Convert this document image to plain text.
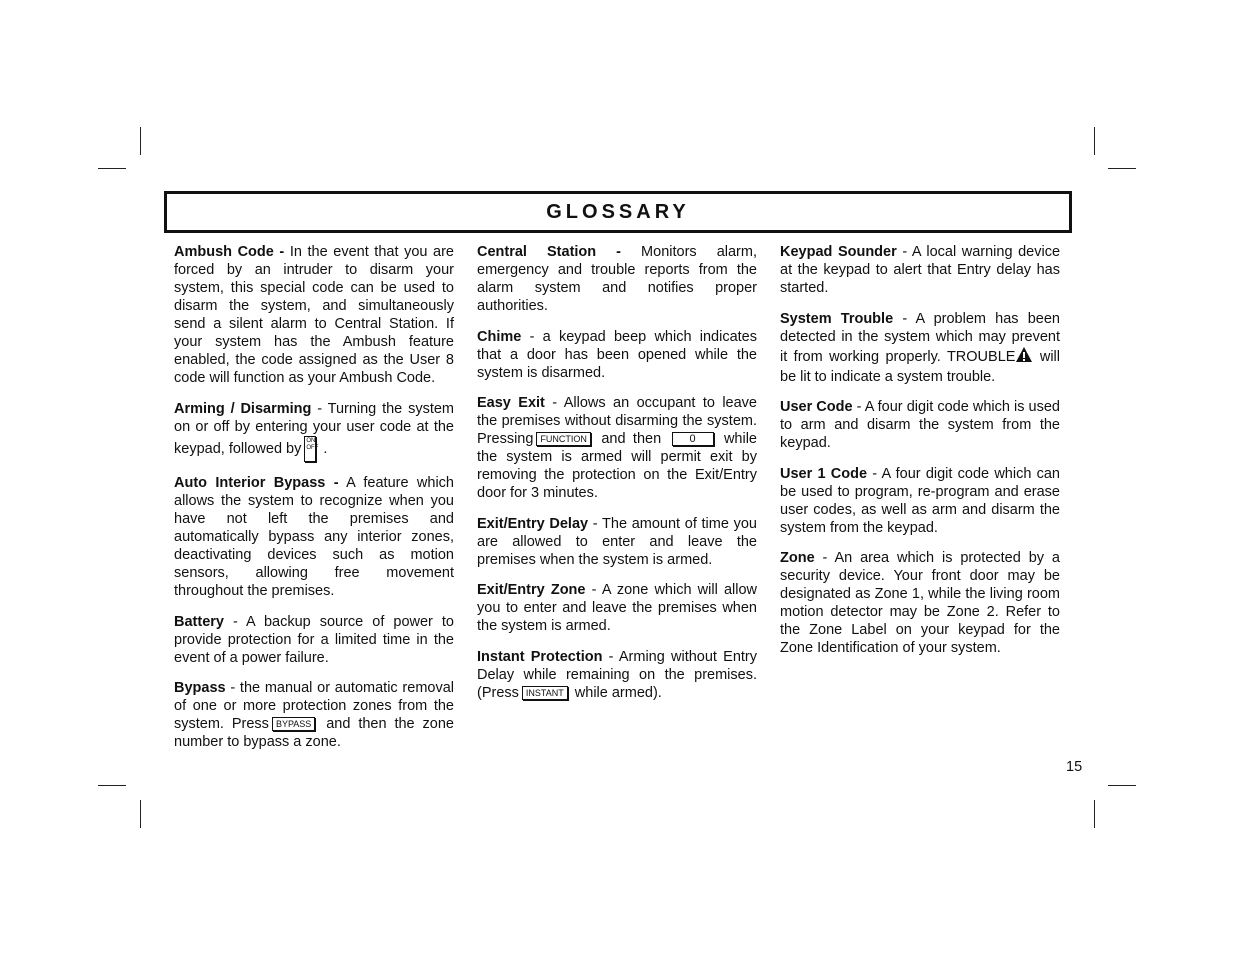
GLOSSARY

Ambush Code - In the event that you are forced by an intruder to disarm your system, this special code can be used to disarm the system, and simultaneously send a silent alarm to Central Station. If your system has the Ambush feature enabled, the code assigned as the User 8 code will function as your Ambush Code.

Arming / Disarming - Turning the system on or off by entering your user code at the keypad, followed by ON
OFF .

Auto Interior Bypass - A feature which allows the system to recognize when you have not left the premises and automatically bypass any interior zones, deactivating devices such as motion sensors, allowing free movement throughout the premises.

Battery - A backup source of power to provide protection for a limited time in the event of a power failure.

Bypass - the manual or automatic removal of one or more protection zones from the system. Press BYPASS and then the zone number to bypass a zone.

Central Station - Monitors alarm, emergency and trouble reports from the alarm system and notifies proper authorities.

Chime - a keypad beep which indicates that a door has been opened while the system is disarmed.

Easy Exit - Allows an occupant to leave the premises without disarming the system. Pressing FUNCTION and then	0 while the system is armed will permit exit by removing the protection on the Exit/Entry door for 3 minutes.

Exit/Entry Delay - The amount of time you are allowed to enter and leave the premises when the system is armed.

Exit/Entry Zone - A zone which will allow you to enter and leave the premises when the system is armed.

Instant Protection - Arming without Entry Delay while remaining on the premises. (Press INSTANT while armed).

Keypad Sounder - A local warning device at the keypad to alert that Entry delay has started.

System Trouble - A problem has been detected in the system which may prevent it from working properly. TROUBLE will be lit to indicate a system trouble.

User Code - A four digit code which is used to arm and disarm the system from the keypad.

User 1 Code - A four digit code which can be used to program, re-program and erase user codes, as well as arm and disarm the system from the keypad.

Zone - An area which is protected by a security device. Your front door may be designated as Zone 1, while the living room motion detector may be Zone 2. Refer to the Zone Label on your keypad for the Zone Identification of your system.

15
